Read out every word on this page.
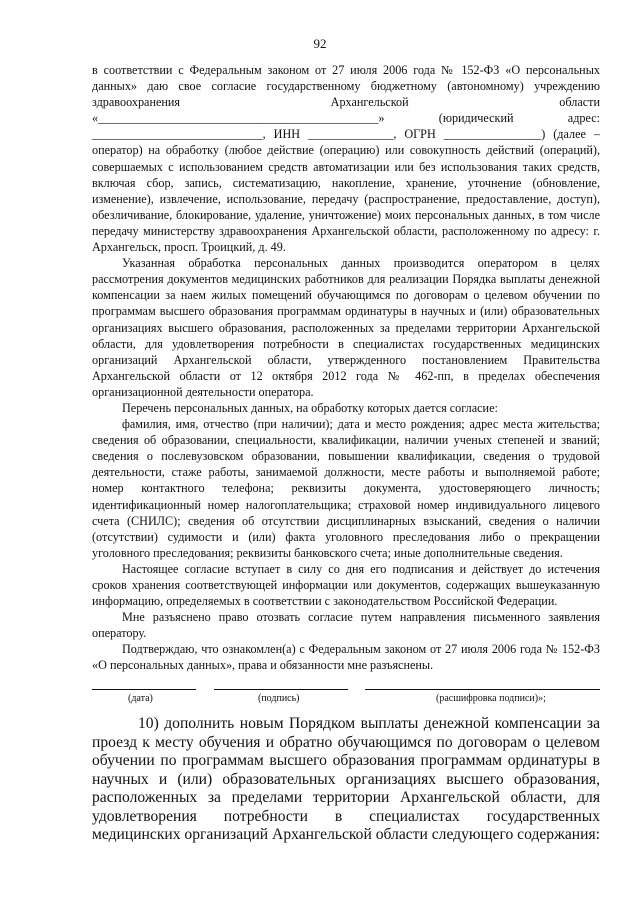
92

в соответствии с Федеральным законом от 27 июля 2006 года № 152-ФЗ «О персональных данных» даю свое согласие государственному бюджетному (автономному) учреждению здравоохранения Архангельской области «______________________________________________» (юридический адрес: ____________________________, ИНН ______________, ОГРН ________________) (далее – оператор) на обработку (любое действие (операцию) или совокупность действий (операций), совершаемых с использованием средств автоматизации или без использования таких средств, включая сбор, запись, систематизацию, накопление, хранение, уточнение (обновление, изменение), извлечение, использование, передачу (распространение, предоставление, доступ), обезличивание, блокирование, удаление, уничтожение) моих персональных данных, в том числе передачу министерству здравоохранения Архангельской области, расположенному по адресу: г. Архангельск, просп. Троицкий, д. 49.

Указанная обработка персональных данных производится оператором в целях рассмотрения документов медицинских работников для реализации Порядка выплаты денежной компенсации за наем жилых помещений обучающимся по договорам о целевом обучении по программам высшего образования программам ординатуры в научных и (или) образовательных организациях высшего образования, расположенных за пределами территории Архангельской области, для удовлетворения потребности в специалистах государственных медицинских организаций Архангельской области, утвержденного постановлением Правительства Архангельской области от 12 октября 2012 года № 462-пп, в пределах обеспечения организационной деятельности оператора.

Перечень персональных данных, на обработку которых дается согласие:

фамилия, имя, отчество (при наличии); дата и место рождения; адрес места жительства; сведения об образовании, специальности, квалификации, наличии ученых степеней и званий; сведения о послевузовском образовании, повышении квалификации, сведения о трудовой деятельности, стаже работы, занимаемой должности, месте работы и выполняемой работе; номер контактного телефона; реквизиты документа, удостоверяющего личность; идентификационный номер налогоплательщика; страховой номер индивидуального лицевого счета (СНИЛС); сведения об отсутствии дисциплинарных взысканий, сведения о наличии (отсутствии) судимости и (или) факта уголовного преследования либо о прекращении уголовного преследования; реквизиты банковского счета; иные дополнительные сведения.

Настоящее согласие вступает в силу со дня его подписания и действует до истечения сроков хранения соответствующей информации или документов, содержащих вышеуказанную информацию, определяемых в соответствии с законодательством Российской Федерации.

Мне разъяснено право отозвать согласие путем направления письменного заявления оператору.

Подтверждаю, что ознакомлен(а) с Федеральным законом от 27 июля 2006 года № 152-ФЗ «О персональных данных», права и обязанности мне разъяснены.

(дата)	(подпись)	(расшифровка подписи)»;

10) дополнить новым Порядком выплаты денежной компенсации за проезд к месту обучения и обратно обучающимся по договорам о целевом обучении по программам высшего образования программам ординатуры в научных и (или) образовательных организациях высшего образования, расположенных за пределами территории Архангельской области, для удовлетворения потребности в специалистах государственных медицинских организаций Архангельской области следующего содержания:
